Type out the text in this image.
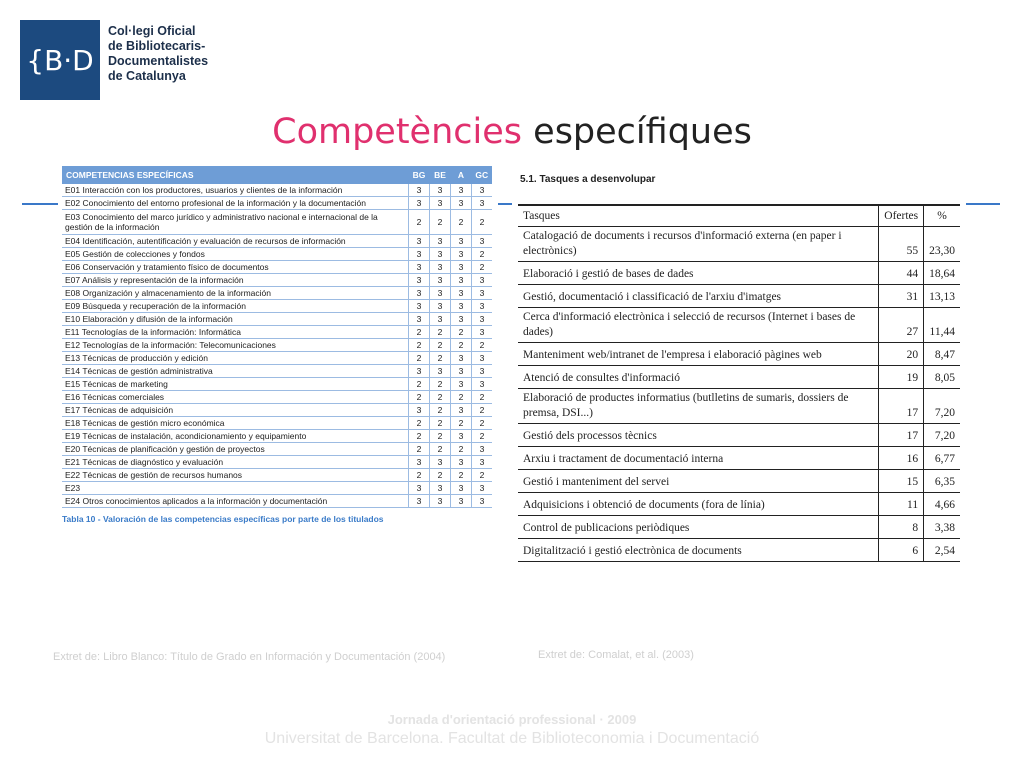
{B·D
Col·legi Oficial
de Bibliotecaris-
Documentalistes
de Catalunya
Competències específiques
COMPETENCIAS ESPECÍFICAS	BG	BE	A	GC
E01 Interacción con los productores, usuarios y clientes de la información	3	3	3	3
E02 Conocimiento del entorno profesional de la información y la documentación	3	3	3	3
E03 Conocimiento del marco jurídico y administrativo nacional e internacional de la gestión de la información	2	2	2	2
E04 Identificación, autentificación y evaluación de recursos de información	3	3	3	3
E05 Gestión de colecciones y fondos	3	3	3	2
E06 Conservación y tratamiento físico de documentos	3	3	3	2
E07 Análisis y representación de la información	3	3	3	3
E08 Organización y almacenamiento de la información	3	3	3	3
E09 Búsqueda y recuperación de la información	3	3	3	3
E10 Elaboración y difusión de la información	3	3	3	3
E11 Tecnologías de la información: Informática	2	2	2	3
E12 Tecnologías de la información: Telecomunicaciones	2	2	2	2
E13 Técnicas de producción y edición	2	2	3	3
E14 Técnicas de gestión administrativa	3	3	3	3
E15 Técnicas de marketing	2	2	3	3
E16 Técnicas comerciales	2	2	2	2
E17 Técnicas de adquisición	3	2	3	2
E18 Técnicas de gestión micro económica	2	2	2	2
E19 Técnicas de instalación, acondicionamiento y equipamiento	2	2	3	2
E20 Técnicas de planificación y gestión de proyectos	2	2	2	3
E21 Técnicas de diagnóstico y evaluación	3	3	3	3
E22 Técnicas de gestión de recursos humanos	2	2	2	2
E23	3	3	3	3
E24 Otros conocimientos aplicados a la información y documentación	3	3	3	3
Tabla 10 - Valoración de las competencias específicas por parte de los titulados
5.1. Tasques a desenvolupar
Tasques	Ofertes	%
Catalogació de documents i recursos d'informació externa (en paper i electrònics)	55	23,30
Elaboració i gestió de bases de dades	44	18,64
Gestió, documentació i classificació de l'arxiu d'imatges	31	13,13
Cerca d'informació electrònica i selecció de recursos (Internet i bases de dades)	27	11,44
Manteniment web/intranet de l'empresa i elaboració pàgines web	20	8,47
Atenció de consultes d'informació	19	8,05
Elaboració de productes informatius (butlletins de sumaris, dossiers de premsa, DSI...)	17	7,20
Gestió dels processos tècnics	17	7,20
Arxiu i tractament de documentació interna	16	6,77
Gestió i manteniment del servei	15	6,35
Adquisicions i obtenció de documents (fora de línia)	11	4,66
Control de publicacions periòdiques	8	3,38
Digitalització i gestió electrònica de documents	6	2,54
Extret de: Libro Blanco: Título de Grado en Información y Documentación (2004)	Extret de: Comalat, et al. (2003)
Jornada d'orientació professional · 2009
Universitat de Barcelona. Facultat de Biblioteconomia i Documentació
